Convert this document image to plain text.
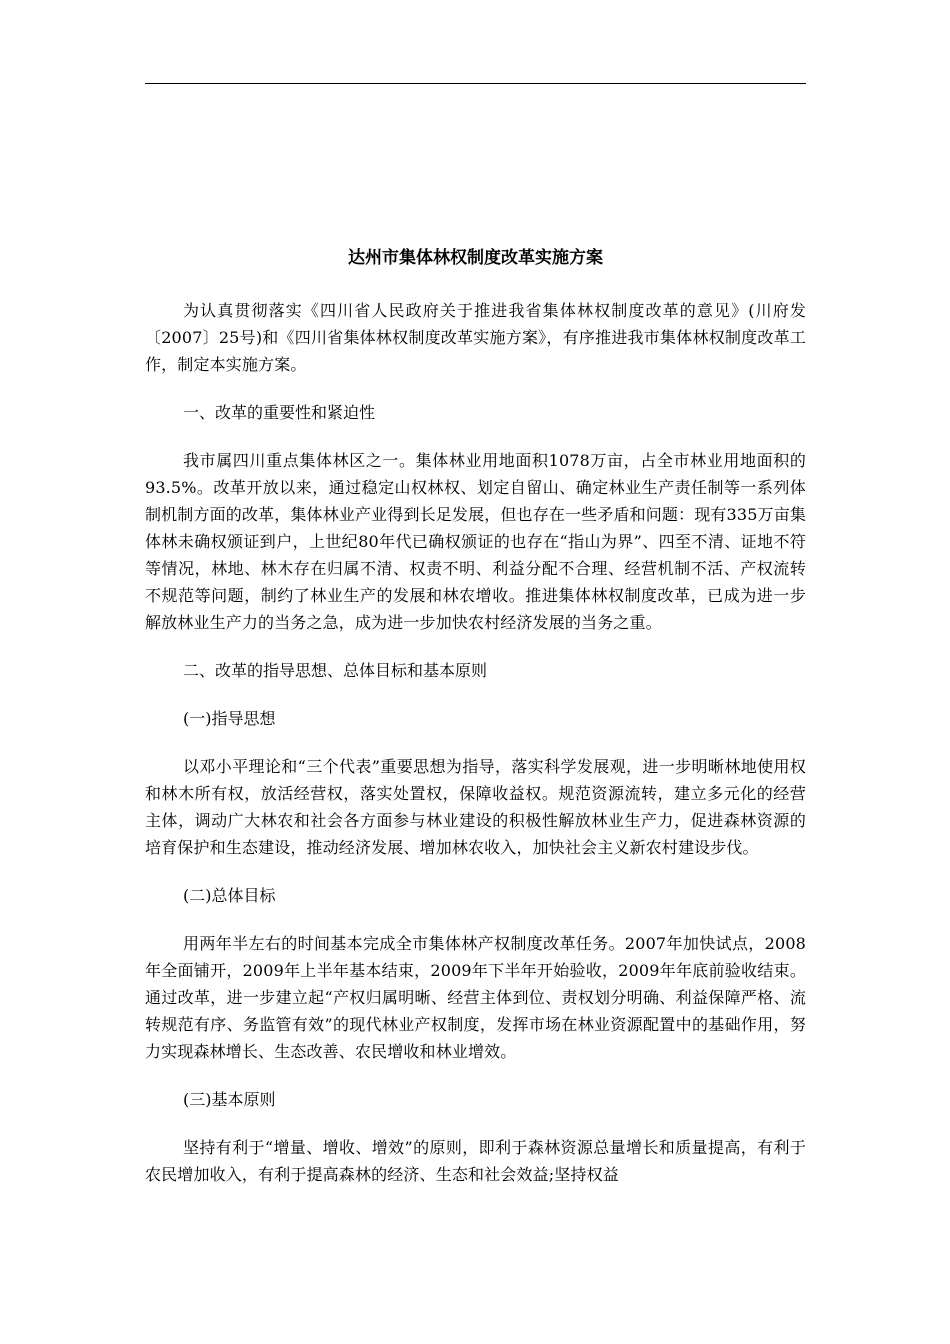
达州市集体林权制度改革实施方案
为认真贯彻落实《四川省人民政府关于推进我省集体林权制度改革的意见》(川府发〔2007〕25号)和《四川省集体林权制度改革实施方案》，有序推进我市集体林权制度改革工作，制定本实施方案。
一、改革的重要性和紧迫性
我市属四川重点集体林区之一。集体林业用地面积1078万亩，占全市林业用地面积的93.5%。改革开放以来，通过稳定山权林权、划定自留山、确定林业生产责任制等一系列体制机制方面的改革，集体林业产业得到长足发展，但也存在一些矛盾和问题：现有335万亩集体林未确权颁证到户，上世纪80年代已确权颁证的也存在“指山为界”、四至不清、证地不符等情况，林地、林木存在归属不清、权责不明、利益分配不合理、经营机制不活、产权流转不规范等问题，制约了林业生产的发展和林农增收。推进集体林权制度改革，已成为进一步解放林业生产力的当务之急，成为进一步加快农村经济发展的当务之重。
二、改革的指导思想、总体目标和基本原则
(一)指导思想
以邓小平理论和“三个代表”重要思想为指导，落实科学发展观，进一步明晰林地使用权和林木所有权，放活经营权，落实处置权，保障收益权。规范资源流转，建立多元化的经营主体，调动广大林农和社会各方面参与林业建设的积极性解放林业生产力，促进森林资源的培育保护和生态建设，推动经济发展、增加林农收入，加快社会主义新农村建设步伐。
(二)总体目标
用两年半左右的时间基本完成全市集体林产权制度改革任务。2007年加快试点，2008年全面铺开，2009年上半年基本结束，2009年下半年开始验收，2009年年底前验收结束。通过改革，进一步建立起“产权归属明晰、经营主体到位、责权划分明确、利益保障严格、流转规范有序、务监管有效”的现代林业产权制度，发挥市场在林业资源配置中的基础作用，努力实现森林增长、生态改善、农民增收和林业增效。
(三)基本原则
坚持有利于“增量、增收、增效”的原则，即利于森林资源总量增长和质量提高，有利于农民增加收入，有利于提高森林的经济、生态和社会效益;坚持权益
